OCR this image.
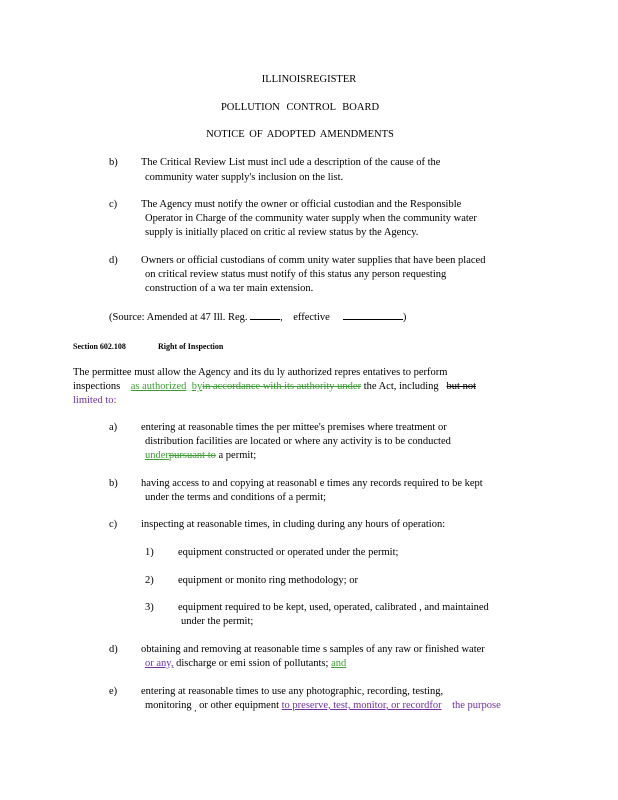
ILLINOISREGISTER
POLLUTION CONTROL BOARD
NOTICE OF ADOPTED AMENDMENTS
b) The Critical Review List must incl ude a description of the cause of the
community water supply's inclusion on the list.
c) The Agency must notify the owner or official custodian and the Responsible
Operator in Charge of the community water supply when the community water
supply is initially placed on critic al review status by the Agency.
d) Owners or official custodians of comm unity water supplies that have been placed
on critical review status must notify of this status any person requesting
construction of a wa ter main extension.
(Source: Amended at 47 Ill. Reg.	, effective	)
Section 602.108	Right of Inspection
The permittee must allow the Agency and its du ly authorized repres entatives to perform
inspections as authorized byin accordance with its authority under the Act, including but not
limited to:
a) entering at reasonable times the per mittee's premises where treatment or
distribution facilities are located or where any activity is to be conducted
underpursuant to a permit;
b) having access to and copying at reasonabl e times any records required to be kept
under the terms and conditions of a permit;
c) inspecting at reasonable times, in cluding during any hours of operation:
1) equipment constructed or operated under the permit;
2) equipment or monito ring methodology; or
3) equipment required to be kept, used, operated, calibrated , and maintained
under the permit;
d) obtaining and removing at reasonable time s samples of any raw or finished water
or any, discharge or emi ssion of pollutants; and
e) entering at reasonable times to use any photographic, recording, testing,
monitoring $_,$ or other equipment to preserve, test, monitor, or recordfor the purpose
